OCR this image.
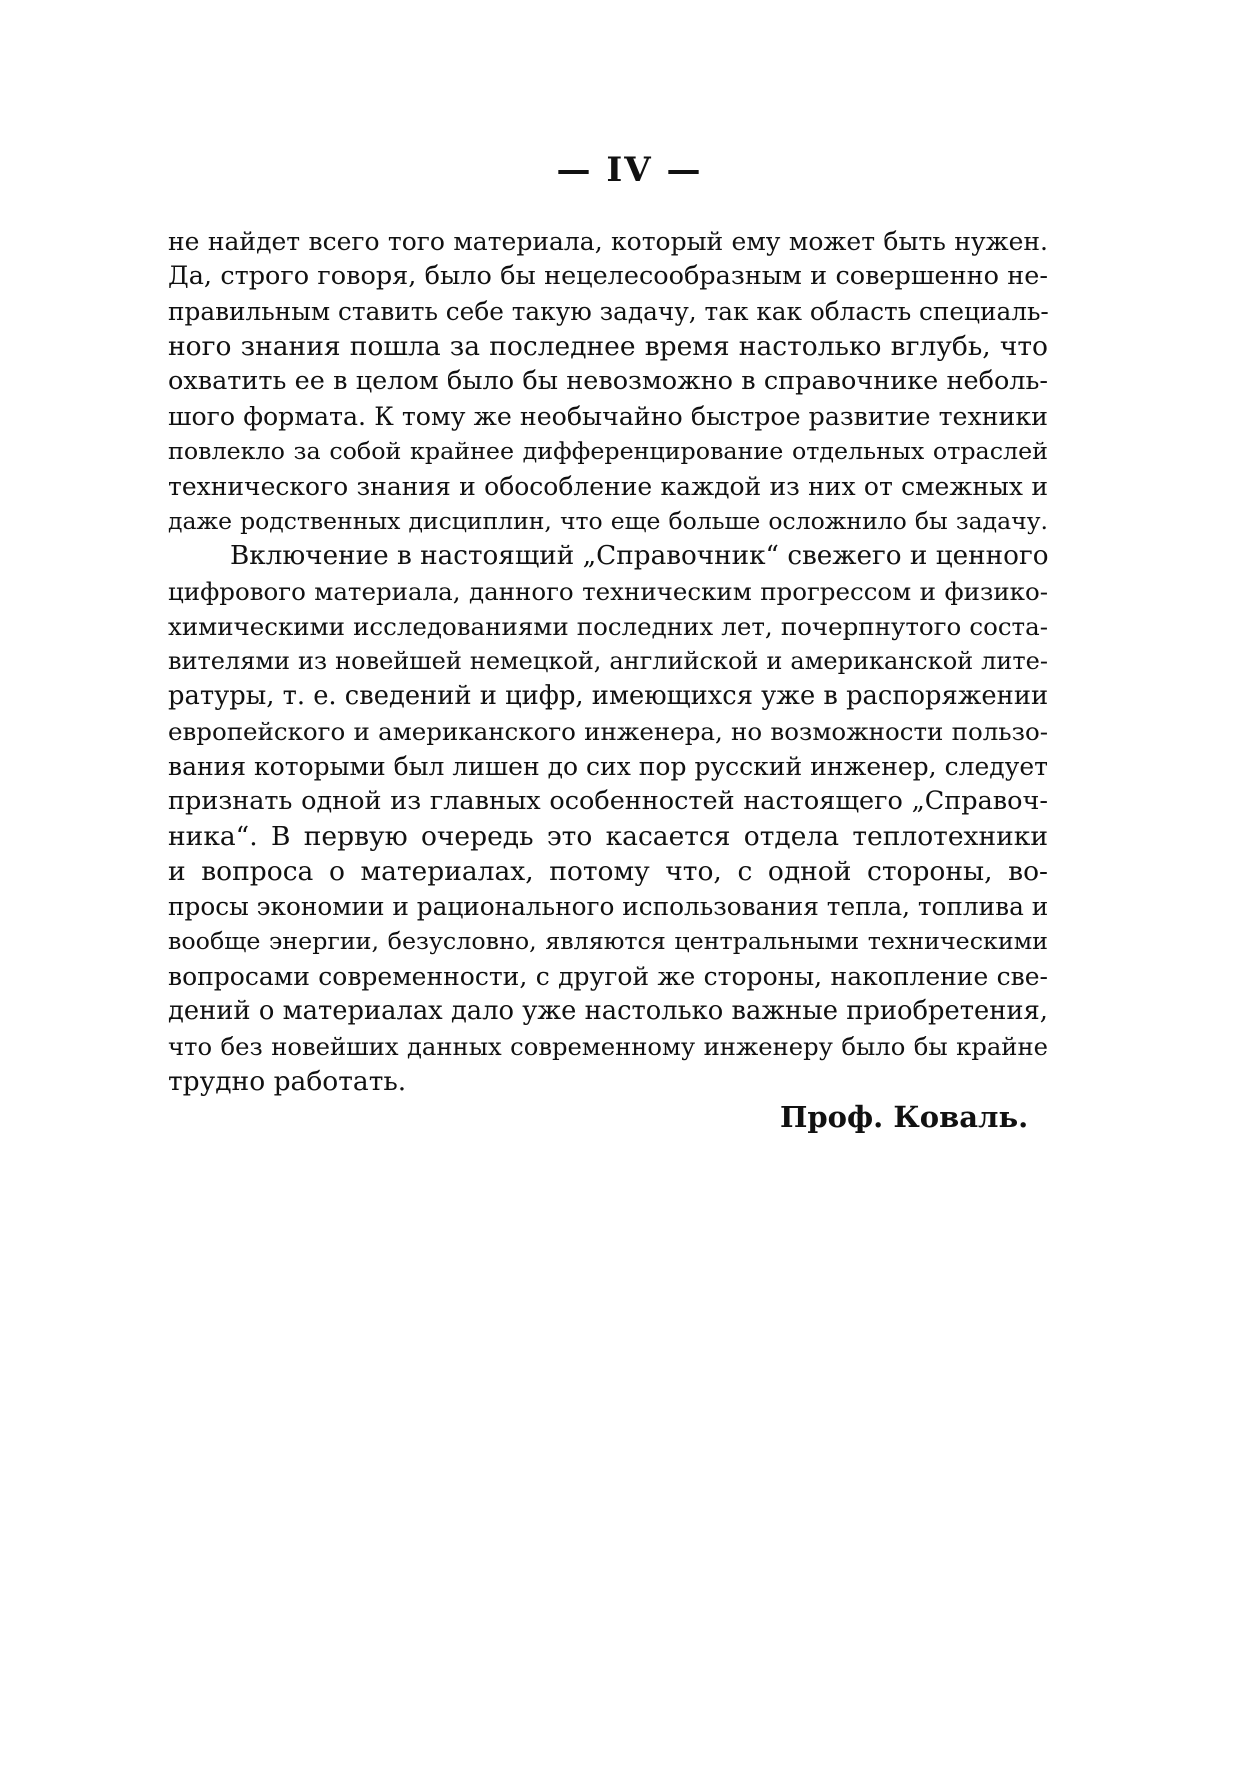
— IV —
не найдет всего того материала, который ему может быть нужен.
Да, строго говоря, было бы нецелесообразным и совершенно не-
правильным ставить себе такую задачу, так как область специаль-
ного знания пошла за последнее время настолько вглубь, что
охватить ее в целом было бы невозможно в справочнике неболь-
шого формата. К тому же необычайно быстрое развитие техники
повлекло за собой крайнее дифференцирование отдельных отраслей
технического знания и обособление каждой из них от смежных и
даже родственных дисциплин, что еще больше осложнило бы задачу.
Включение в настоящий „Справочник“ свежего и ценного
цифрового материала, данного техническим прогрессом и физико-
химическими исследованиями последних лет, почерпнутого соста-
вителями из новейшей немецкой, английской и американской лите-
ратуры, т. е. сведений и цифр, имеющихся уже в распоряжении
европейского и американского инженера, но возможности пользо-
вания которыми был лишен до сих пор русский инженер, следует
признать одной из главных особенностей настоящего „Справоч-
ника“. В первую очередь это касается отдела теплотехники
и вопроса о материалах, потому что, с одной стороны, во-
просы экономии и рационального использования тепла, топлива и
вообще энергии, безусловно, являются центральными техническими
вопросами современности, с другой же стороны, накопление све-
дений о материалах дало уже настолько важные приобретения,
что без новейших данных современному инженеру было бы крайне
трудно работать.
Проф. Коваль.
